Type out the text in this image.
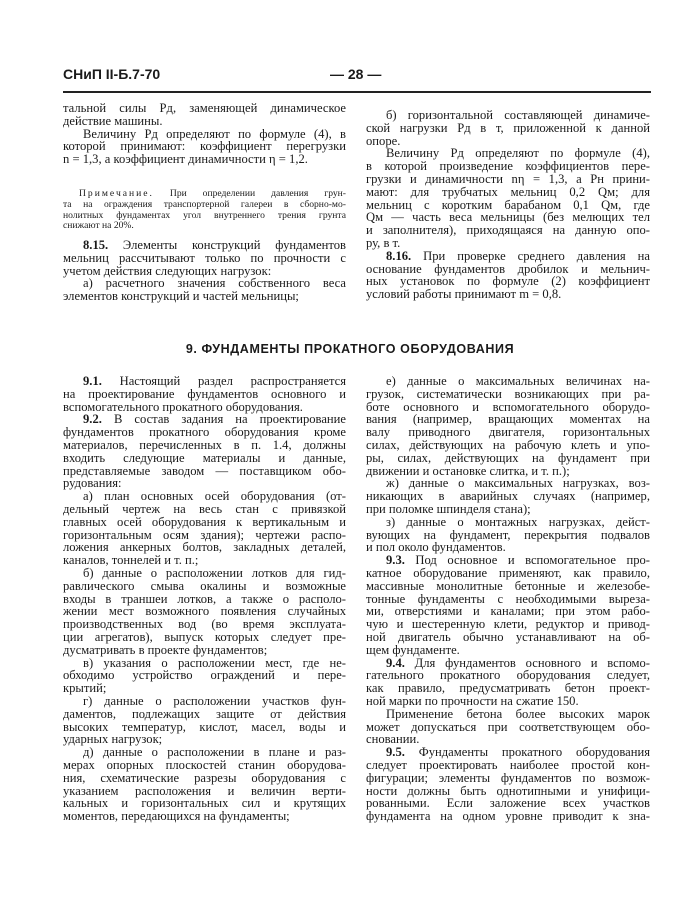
СНиП II-Б.7-70	— 28 —
тальной силы Pд, заменяющей динамическое
действие машины.
Величину Pд определяют по формуле (4), в
которой принимают: коэффициент перегрузки
n = 1,3, а коэффициент динамичности η = 1,2.
Примечание. При определении давления грун-
та на ограждения транспортерной галереи в сборно-мо-
нолитных фундаментах угол внутреннего трения грунта
снижают на 20%.
8.15. Элементы конструкций фундаментов
мельниц рассчитывают только по прочности с
учетом действия следующих нагрузок:
а) расчетного значения собственного веса
элементов конструкций и частей мельницы;
б) горизонтальной составляющей динамиче-
ской нагрузки Pд в т, приложенной к данной
опоре.
Величину Pд определяют по формуле (4),
в которой произведение коэффициентов пере-
грузки и динамичности nη = 1,3, а Pн прини-
мают: для трубчатых мельниц 0,2 Qм; для
мельниц с коротким барабаном 0,1 Qм, где
Qм — часть веса мельницы (без мелющих тел
и заполнителя), приходящаяся на данную опо-
ру, в т.
8.16. При проверке среднего давления на
основание фундаментов дробилок и мельнич-
ных установок по формуле (2) коэффициент
условий работы принимают m = 0,8.
9. ФУНДАМЕНТЫ ПРОКАТНОГО ОБОРУДОВАНИЯ
9.1. Настоящий раздел распространяется
на проектирование фундаментов основного и
вспомогательного прокатного оборудования.
9.2. В состав задания на проектирование
фундаментов прокатного оборудования кроме
материалов, перечисленных в п. 1.4, должны
входить следующие материалы и данные,
представляемые заводом — поставщиком обо-
рудования:
а) план основных осей оборудования (от-
дельный чертеж на весь стан с привязкой
главных осей оборудования к вертикальным и
горизонтальным осям здания); чертежи распо-
ложения анкерных болтов, закладных деталей,
каналов, тоннелей и т. п.;
б) данные о расположении лотков для гид-
равлического смыва окалины и возможные
входы в траншеи лотков, а также о располо-
жении мест возможного появления случайных
производственных вод (во время эксплуата-
ции агрегатов), выпуск которых следует пре-
дусматривать в проекте фундаментов;
в) указания о расположении мест, где не-
обходимо устройство ограждений и пере-
крытий;
г) данные о расположении участков фун-
даментов, подлежащих защите от действия
высоких температур, кислот, масел, воды и
ударных нагрузок;
д) данные о расположении в плане и раз-
мерах опорных плоскостей станин оборудова-
ния, схематические разрезы оборудования с
указанием расположения и величин верти-
кальных и горизонтальных сил и крутящих
моментов, передающихся на фундаменты;
е) данные о максимальных величинах на-
грузок, систематически возникающих при ра-
боте основного и вспомогательного оборудо-
вания (например, вращающих моментах на
валу приводного двигателя, горизонтальных
силах, действующих на рабочую клеть и упо-
ры, силах, действующих на фундамент при
движении и остановке слитка, и т. п.);
ж) данные о максимальных нагрузках, воз-
никающих в аварийных случаях (например,
при поломке шпинделя стана);
з) данные о монтажных нагрузках, дейст-
вующих на фундамент, перекрытия подвалов
и пол около фундаментов.
9.3. Под основное и вспомогательное про-
катное оборудование применяют, как правило,
массивные монолитные бетонные и железобе-
тонные фундаменты с необходимыми выреза-
ми, отверстиями и каналами; при этом рабо-
чую и шестеренную клети, редуктор и привод-
ной двигатель обычно устанавливают на об-
щем фундаменте.
9.4. Для фундаментов основного и вспомо-
гательного прокатного оборудования следует,
как правило, предусматривать бетон проект-
ной марки по прочности на сжатие 150.
Применение бетона более высоких марок
может допускаться при соответствующем обо-
сновании.
9.5. Фундаменты прокатного оборудования
следует проектировать наиболее простой кон-
фигурации; элементы фундаментов по возмож-
ности должны быть однотипными и унифици-
рованными. Если заложение всех участков
фундамента на одном уровне приводит к зна-
